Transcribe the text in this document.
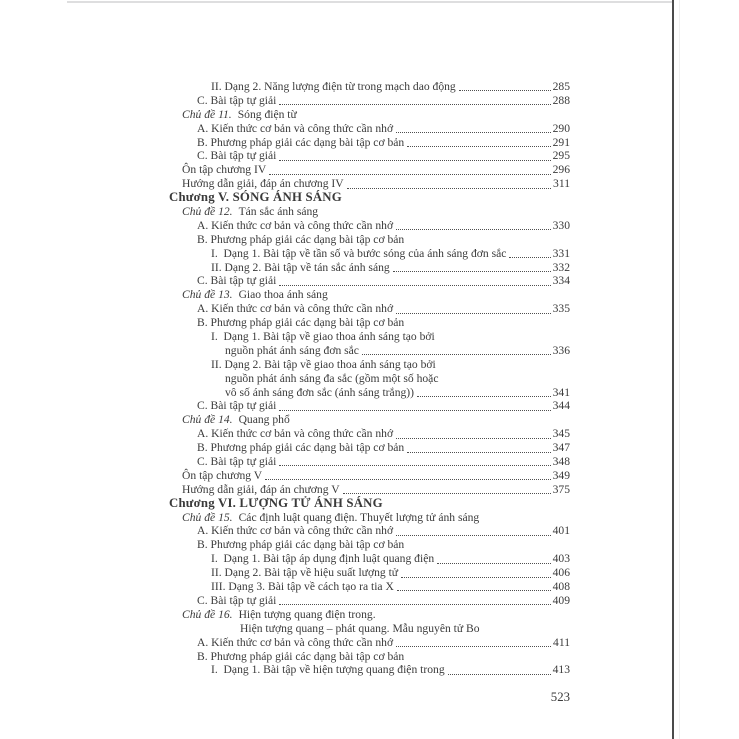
II. Dạng 2. Năng lượng điện từ trong mạch dao động	285
C. Bài tập tự giải	288
Chủ đề 11. Sóng điện từ
A. Kiến thức cơ bản và công thức cần nhớ	290
B. Phương pháp giải các dạng bài tập cơ bản	291
C. Bài tập tự giải	295
Ôn tập chương IV	296
Hướng dẫn giải, đáp án chương IV	311
Chương V. SÓNG ÁNH SÁNG
Chủ đề 12. Tán sắc ánh sáng
A. Kiến thức cơ bản và công thức cần nhớ	330
B. Phương pháp giải các dạng bài tập cơ bản
I.  Dạng 1. Bài tập về tần số và bước sóng của ánh sáng đơn sắc	331
II. Dạng 2. Bài tập về tán sắc ánh sáng	332
C. Bài tập tự giải	334
Chủ đề 13. Giao thoa ánh sáng
A. Kiến thức cơ bản và công thức cần nhớ	335
B. Phương pháp giải các dạng bài tập cơ bản
I.  Dạng 1. Bài tập về giao thoa ánh sáng tạo bởi
nguồn phát ánh sáng đơn sắc	336
II. Dạng 2. Bài tập về giao thoa ánh sáng tạo bởi
nguồn phát ánh sáng đa sắc (gồm một số hoặc
vô số ánh sáng đơn sắc (ánh sáng trắng))	341
C. Bài tập tự giải	344
Chủ đề 14. Quang phổ
A. Kiến thức cơ bản và công thức cần nhớ	345
B. Phương pháp giải các dạng bài tập cơ bản	347
C. Bài tập tự giải	348
Ôn tập chương V	349
Hướng dẫn giải, đáp án chương V	375
Chương VI. LƯỢNG TỬ ÁNH SÁNG
Chủ đề 15. Các định luật quang điện. Thuyết lượng tử ánh sáng
A. Kiến thức cơ bản và công thức cần nhớ	401
B. Phương pháp giải các dạng bài tập cơ bản
I.  Dạng 1. Bài tập áp dụng định luật quang điện	403
II. Dạng 2. Bài tập về hiệu suất lượng tử	406
III. Dạng 3. Bài tập về cách tạo ra tia X	408
C. Bài tập tự giải	409
Chủ đề 16. Hiện tượng quang điện trong.
Hiện tượng quang – phát quang. Mẫu nguyên tử Bo
A. Kiến thức cơ bản và công thức cần nhớ	411
B. Phương pháp giải các dạng bài tập cơ bản
I.  Dạng 1. Bài tập về hiện tượng quang điện trong	413
523
